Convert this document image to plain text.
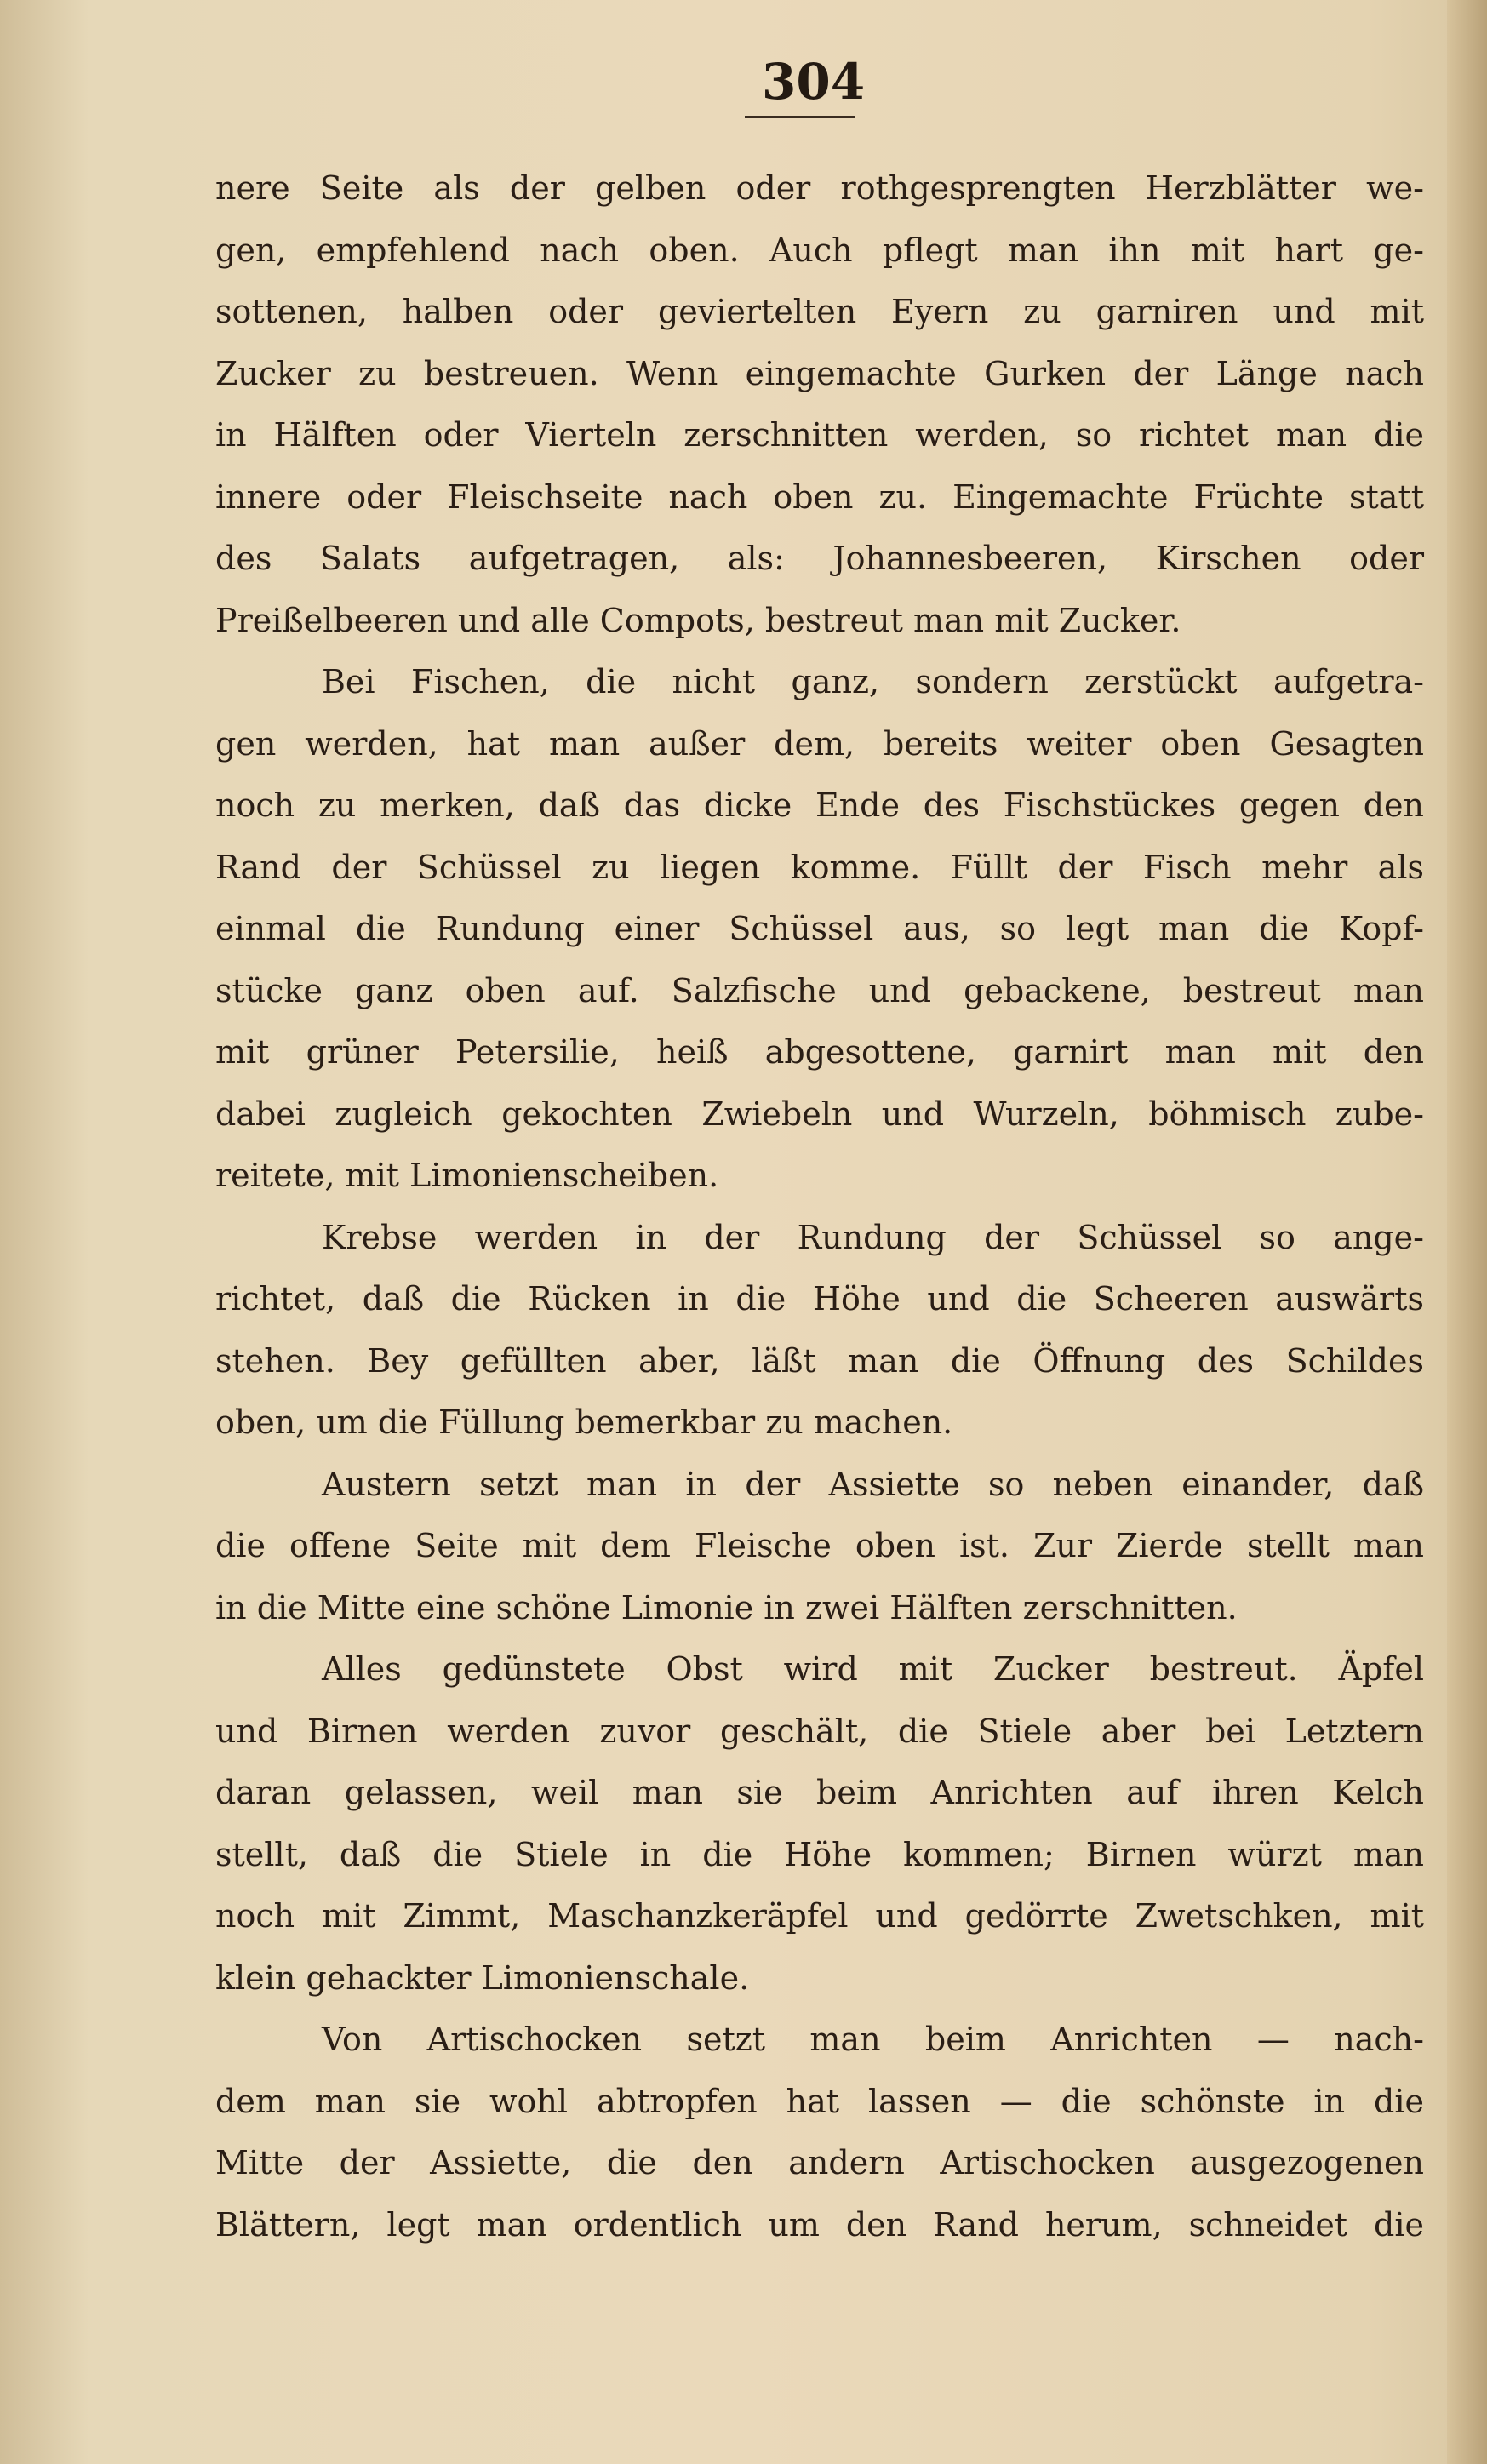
304
nere Seite als der gelben oder rothgesprengten Herzblätter we-
gen, empfehlend nach oben. Auch pflegt man ihn mit hart ge-
sottenen, halben oder geviertelten Eyern zu garniren und mit
Zucker zu bestreuen. Wenn eingemachte Gurken der Länge nach
in Hälften oder Vierteln zerschnitten werden, so richtet man die
innere oder Fleischseite nach oben zu. Eingemachte Früchte statt
des Salats aufgetragen, als: Johannesbeeren, Kirschen oder
Preißelbeeren und alle Compots, bestreut man mit Zucker.
Bei Fischen, die nicht ganz, sondern zerstückt aufgetra-
gen werden, hat man außer dem, bereits weiter oben Gesagten
noch zu merken, daß das dicke Ende des Fischstückes gegen den
Rand der Schüssel zu liegen komme. Füllt der Fisch mehr als
einmal die Rundung einer Schüssel aus, so legt man die Kopf-
stücke ganz oben auf. Salzfische und gebackene, bestreut man
mit grüner Petersilie, heiß abgesottene, garnirt man mit den
dabei zugleich gekochten Zwiebeln und Wurzeln, böhmisch zube-
reitete, mit Limonienscheiben.
Krebse werden in der Rundung der Schüssel so ange-
richtet, daß die Rücken in die Höhe und die Scheeren auswärts
stehen. Bey gefüllten aber, läßt man die Öffnung des Schildes
oben, um die Füllung bemerkbar zu machen.
Austern setzt man in der Assiette so neben einander, daß
die offene Seite mit dem Fleische oben ist. Zur Zierde stellt man
in die Mitte eine schöne Limonie in zwei Hälften zerschnitten.
Alles gedünstete Obst wird mit Zucker bestreut. Äpfel
und Birnen werden zuvor geschält, die Stiele aber bei Letztern
daran gelassen, weil man sie beim Anrichten auf ihren Kelch
stellt, daß die Stiele in die Höhe kommen; Birnen würzt man
noch mit Zimmt, Maschanzkeräpfel und gedörrte Zwetschken, mit
klein gehackter Limonienschale.
Von Artischocken setzt man beim Anrichten — nach-
dem man sie wohl abtropfen hat lassen — die schönste in die
Mitte der Assiette, die den andern Artischocken ausgezogenen
Blättern, legt man ordentlich um den Rand herum, schneidet die
